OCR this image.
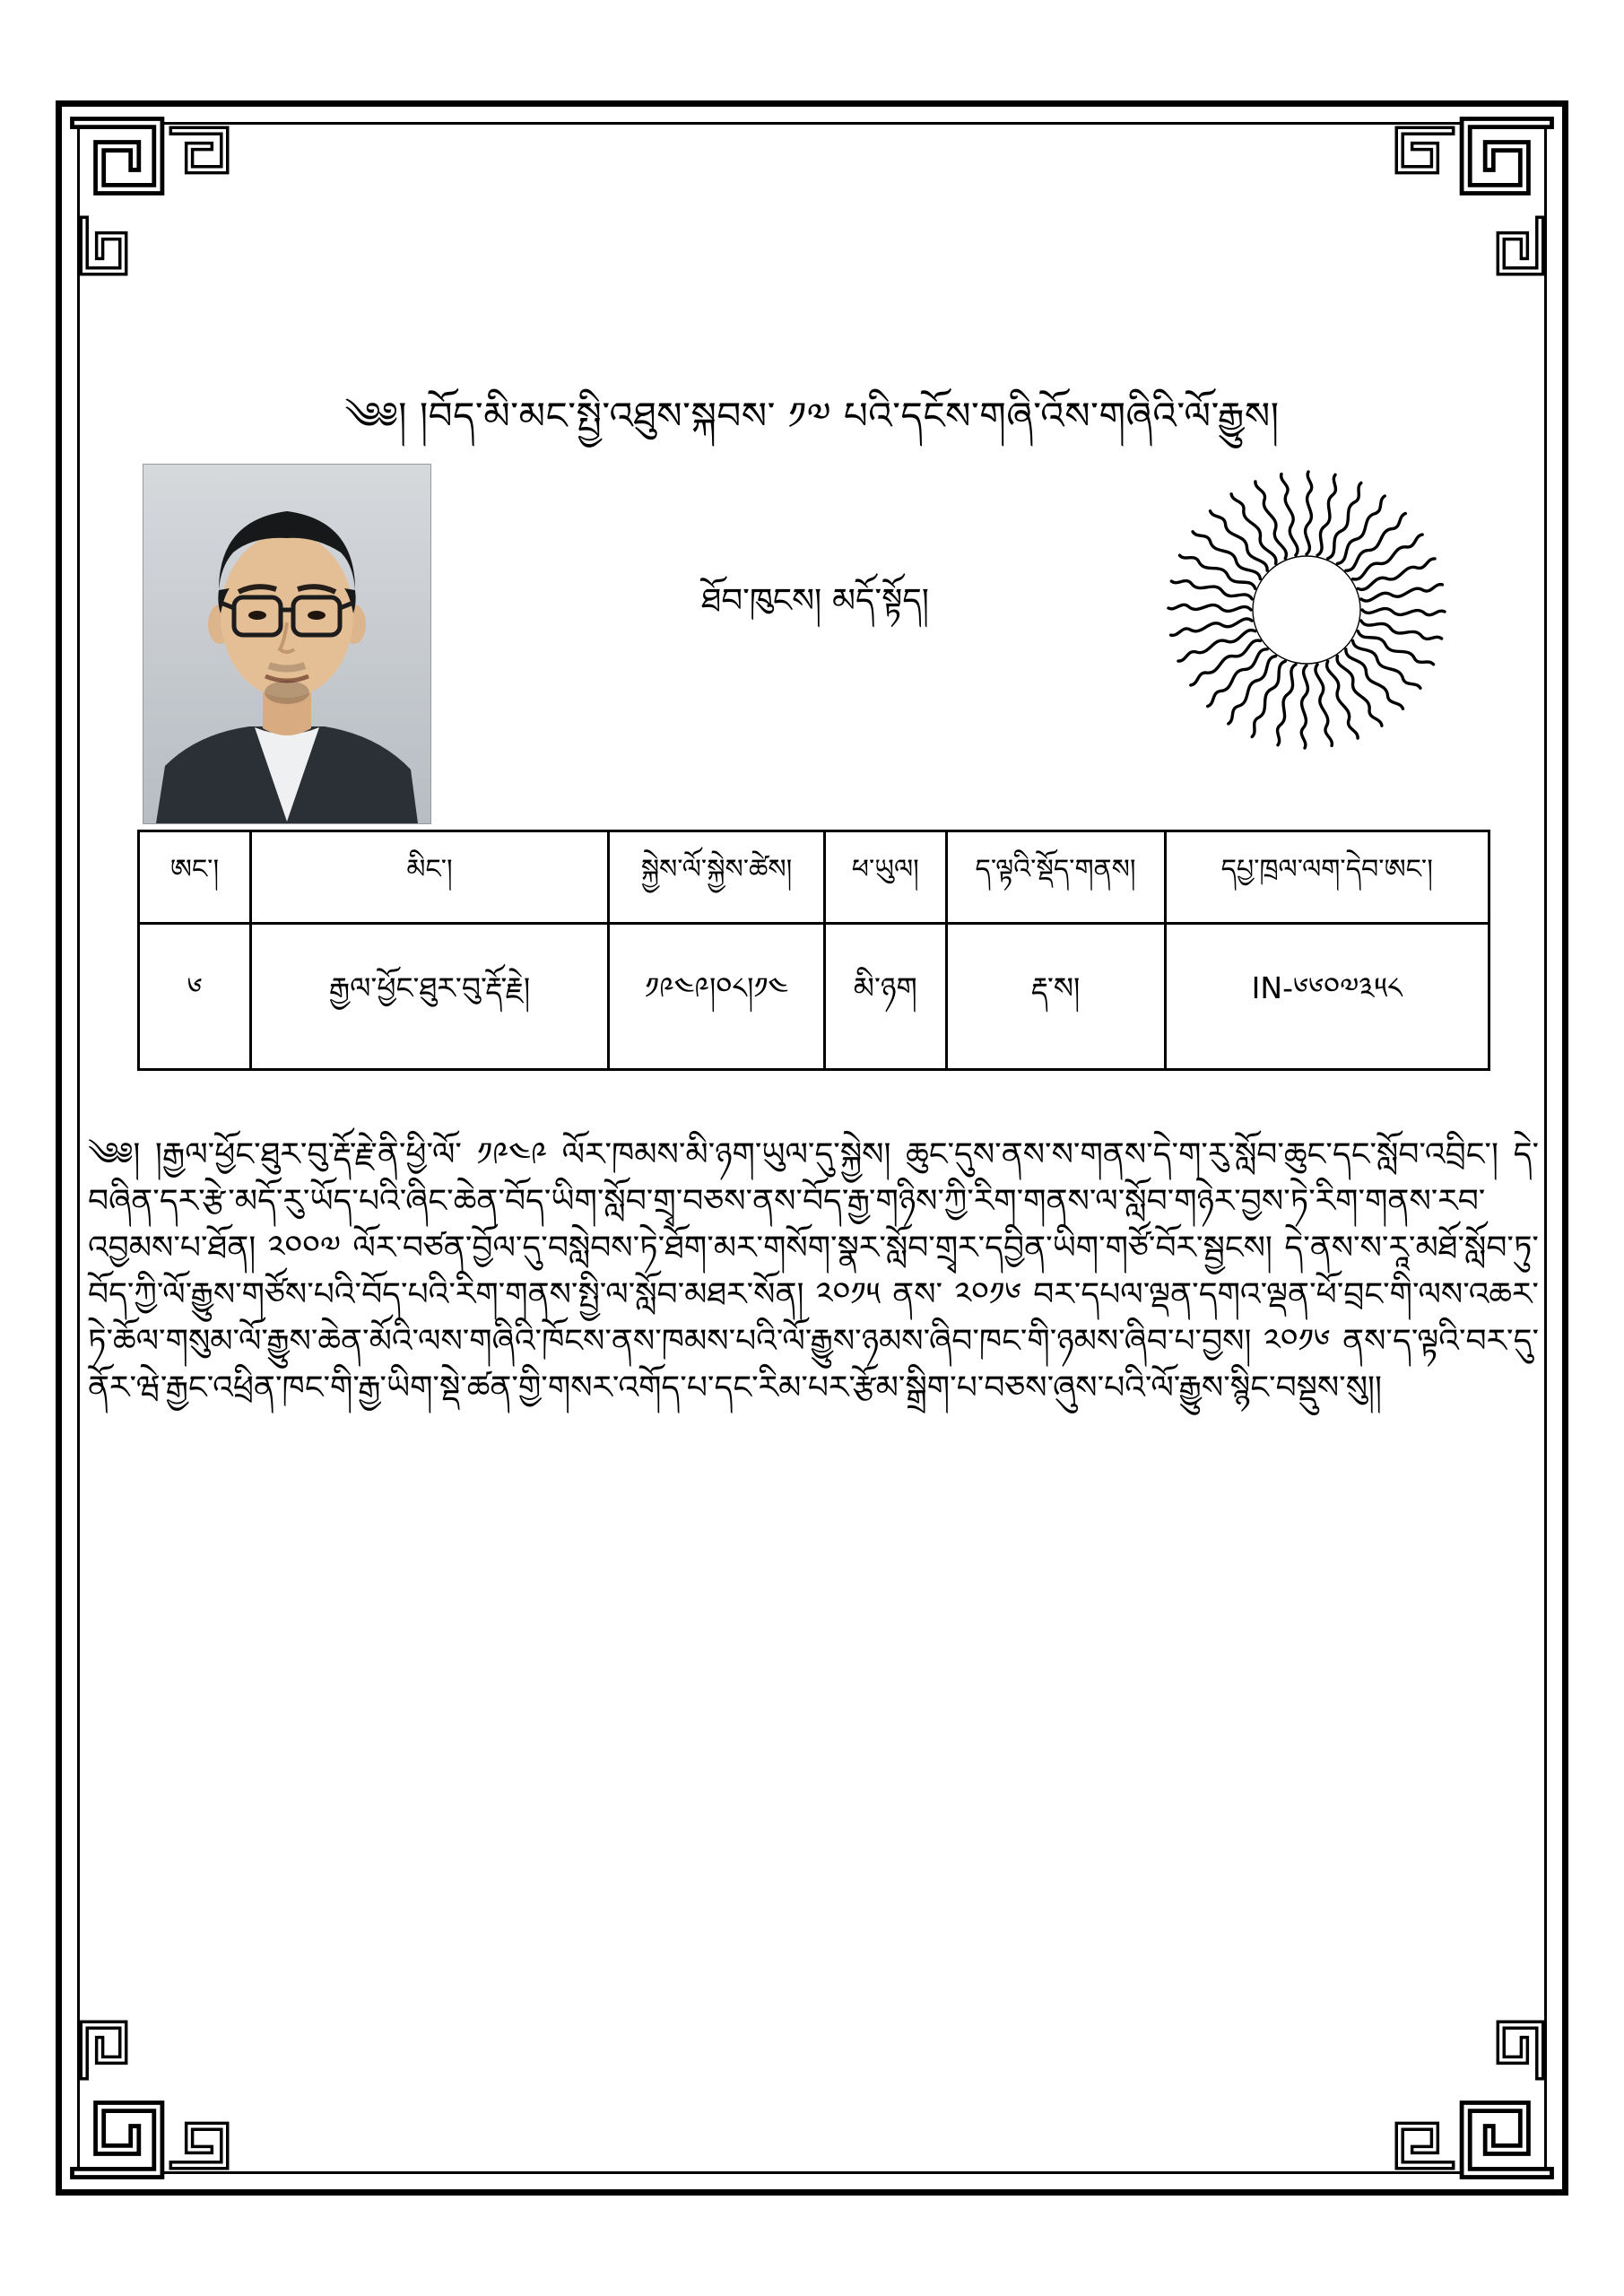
༄༅། །བོད་མི་མང་སྤྱི་འཐུས་སྐབས་ ༡༧ པའི་དངོས་གཞི་འོས་གཞིའི་ལོ་རྒྱུས།
ཐོབ་ཁུངས། མདོ་སྟོད།
ཨང་།	མིང་།	སྐྱེས་ལོ་སྐྱེས་ཚེས།	ཕ་ཡུལ།	ད་ལྟའི་སྡོད་གནས།	དཔྱ་ཁྲལ་ལག་དེབ་ཨང་།
༦	རྒྱལ་ཕྱོང་ཐུར་བུ་རྡོ་རྗེ།	༡༩༤༩།༠༨།༡༤	མི་ཉག	རྡ་ས།	IN-༦༦༠༧༣༥༨
༄༅། །རྒྱལ་ཕྱོང་ཐུར་བུ་རྡོ་རྗེ་ནི་ཕྱི་ལོ་ ༡༩༤༩ ལོར་ཁམས་མི་ཉག་ཡུལ་དུ་སྐྱེས། ཆུང་དུས་ནས་ས་གནས་དེ་ག་རུ་སློབ་ཆུང་དང་སློབ་འབྲིང་། དེ་བཞིན་དར་རྩེ་མདོ་རུ་ཡོད་པའི་ཞིང་ཆེན་བོད་ཡིག་སློབ་གྲྭ་བཅས་ནས་བོད་རྒྱ་གཉིས་ཀྱི་རིག་གནས་ལ་སློབ་གཉེར་བྱས་ཏེ་རིག་གནས་རབ་འབྱམས་པ་ཐོན། ༢༠༠༧ ལོར་བཙན་བྱོལ་དུ་བསླེབས་ཏེ་ཐོག་མར་གསོག་སྣར་སློབ་གྲྭར་དབྱིན་ཡིག་གཙོ་བོར་སྦྱངས། དེ་ནས་ས་རཱ་མཐོ་སློབ་ཏུ་བོད་ཀྱི་ལོ་རྒྱུས་གཙོས་པའི་བོད་པའི་རིག་གནས་སྤྱི་ལ་སློབ་མཐར་སོན། ༢༠༡༥ ནས་ ༢༠༡༦ བར་དཔལ་ལྡན་དགའ་ལྡན་ཕོ་བྲང་གི་ལས་འཆར་ཏེ་ཆོལ་གསུམ་ལོ་རྒྱུས་ཆེན་མོའི་ལས་གཞིའི་ཁོངས་ནས་ཁམས་པའི་ལོ་རྒྱུས་ཉམས་ཞིབ་ཁང་གི་ཉམས་ཞིབ་པ་བྱས། ༢༠༡༦ ནས་ད་ལྟའི་བར་དུ་ནོར་ཝེ་རྒྱང་འཕྲིན་ཁང་གི་རྒྱ་ཡིག་སྡེ་ཚན་གྱི་གསར་འགོད་པ་དང་རིམ་པར་རྩོམ་སྒྲིག་པ་བཅས་ཞུས་པའི་ལོ་རྒྱུས་སྙིང་བསྡུས་སུ།།
